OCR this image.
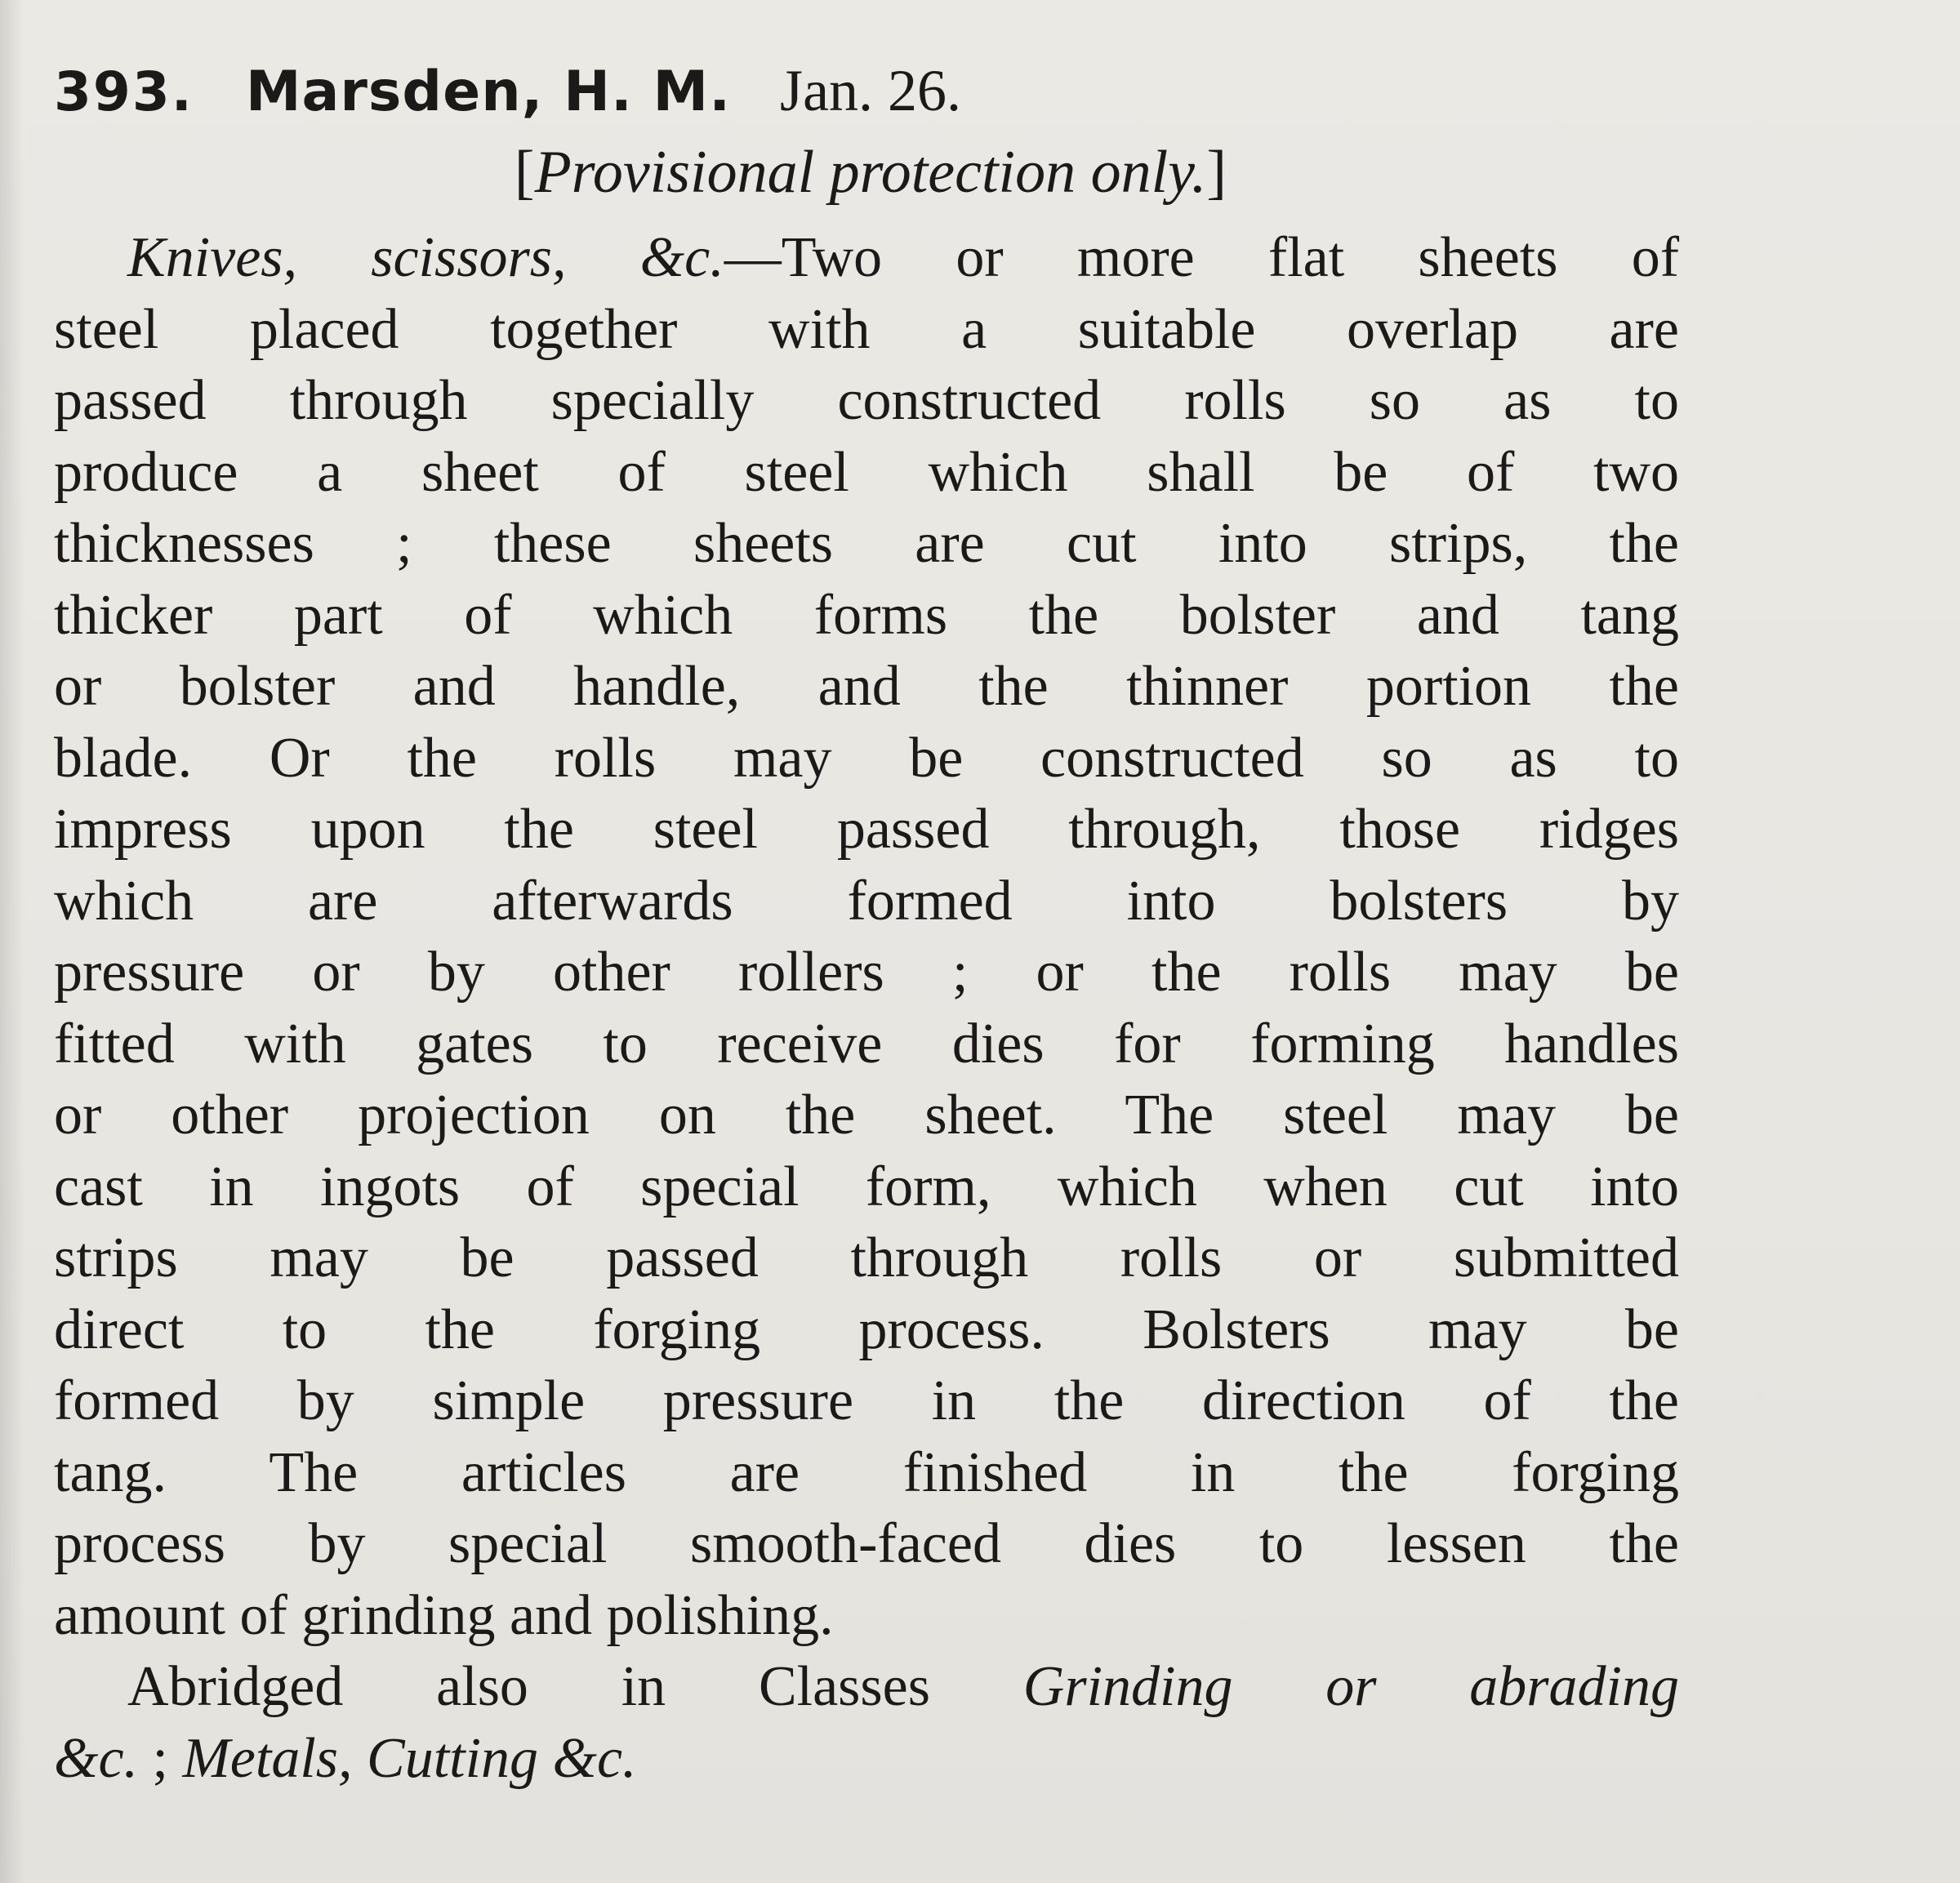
393. Marsden, H. M. Jan. 26.
[Provisional protection only.]
Knives, scissors, &c.—Two or more flat sheets of
steel placed together with a suitable overlap are
passed through specially constructed rolls so as to
produce a sheet of steel which shall be of two
thicknesses ; these sheets are cut into strips, the
thicker part of which forms the bolster and tang
or bolster and handle, and the thinner portion the
blade. Or the rolls may be constructed so as to
impress upon the steel passed through, those ridges
which are afterwards formed into bolsters by
pressure or by other rollers ; or the rolls may be
fitted with gates to receive dies for forming handles
or other projection on the sheet. The steel may be
cast in ingots of special form, which when cut into
strips may be passed through rolls or submitted
direct to the forging process. Bolsters may be
formed by simple pressure in the direction of the
tang. The articles are finished in the forging
process by special smooth-faced dies to lessen the
amount of grinding and polishing.
Abridged also in Classes Grinding or abrading
&c. ; Metals, Cutting &c.
